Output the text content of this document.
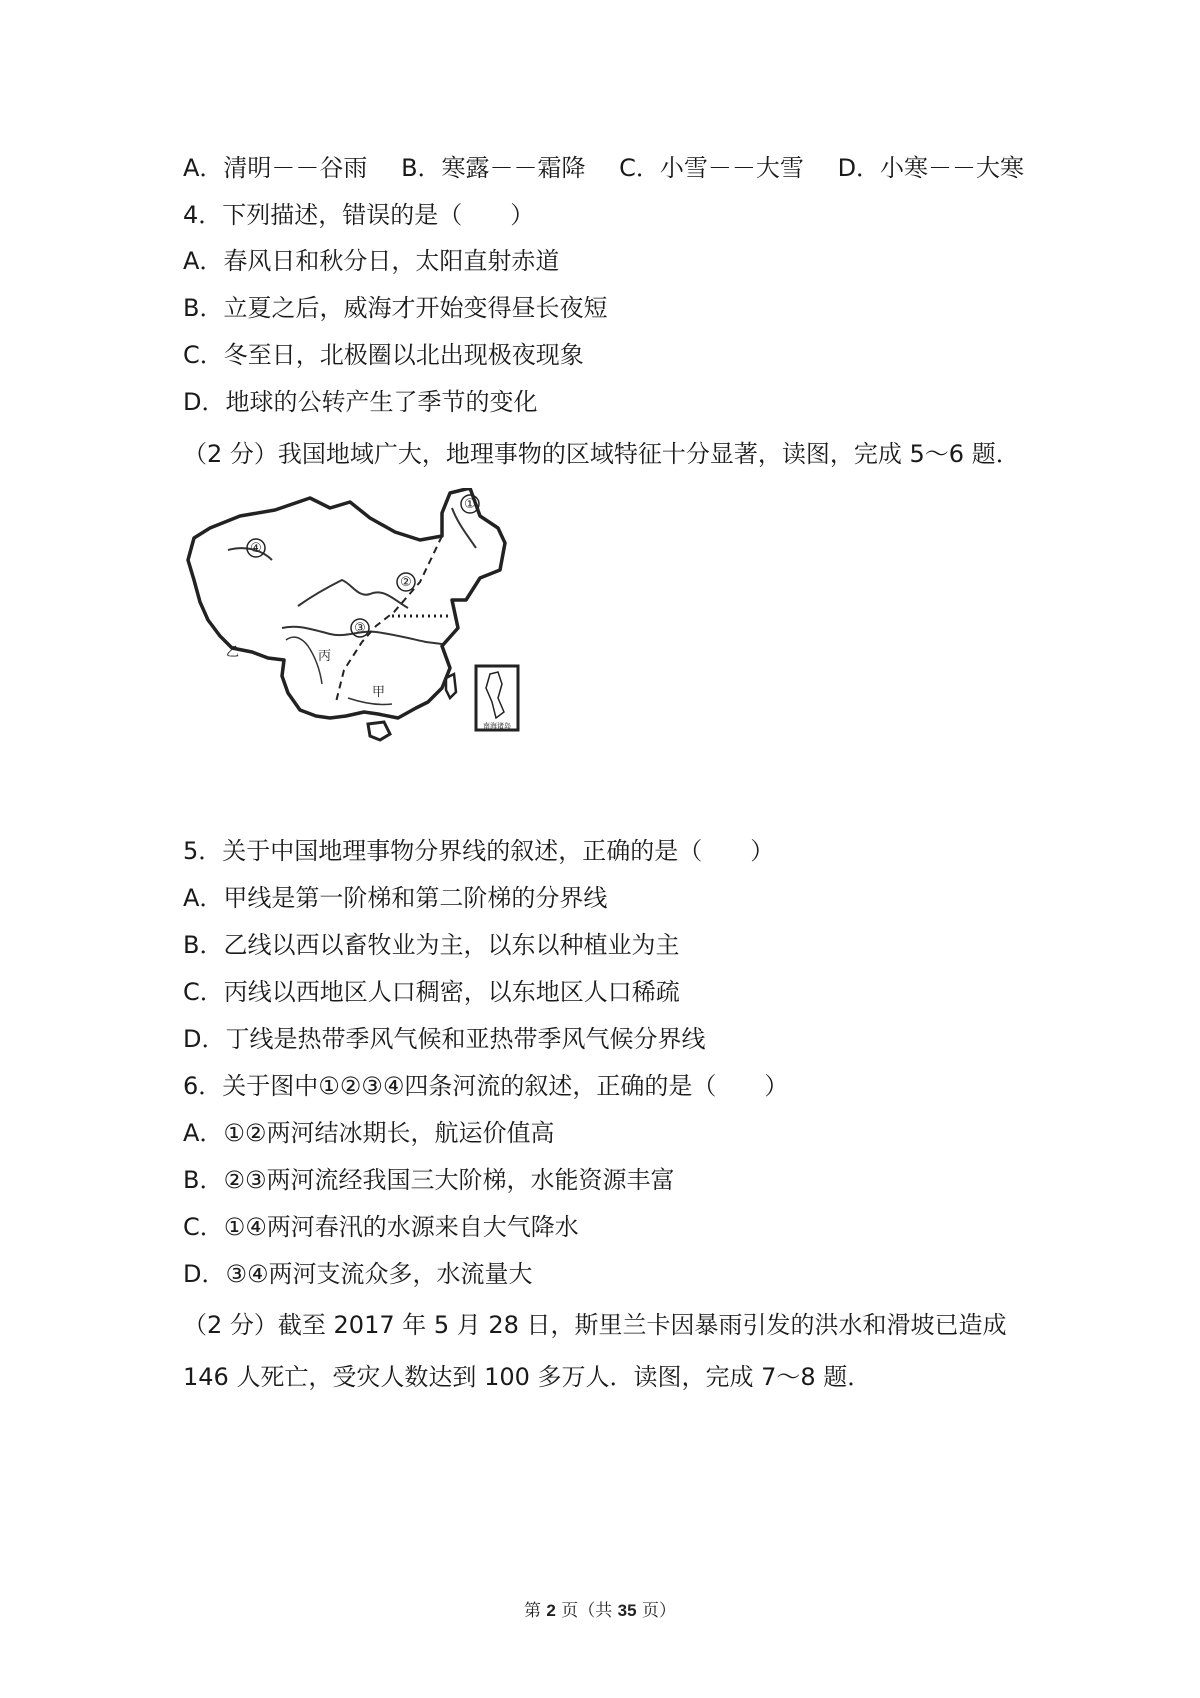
A．清明－－谷雨 B．寒露－－霜降 C．小雪－－大雪 D．小寒－－大寒
4．下列描述，错误的是（　　）
A．春风日和秋分日，太阳直射赤道
B．立夏之后，威海才开始变得昼长夜短
C．冬至日，北极圈以北出现极夜现象
D．地球的公转产生了季节的变化
（2 分）我国地域广大，地理事物的区域特征十分显著，读图，完成 5～6 题．
④
②
③
①
乙	丙
甲
南海诸岛
5．关于中国地理事物分界线的叙述，正确的是（　　）
A．甲线是第一阶梯和第二阶梯的分界线
B．乙线以西以畜牧业为主，以东以种植业为主
C．丙线以西地区人口稠密，以东地区人口稀疏
D．丁线是热带季风气候和亚热带季风气候分界线
6．关于图中①②③④四条河流的叙述，正确的是（　　）
A．①②两河结冰期长，航运价值高
B．②③两河流经我国三大阶梯，水能资源丰富
C．①④两河春汛的水源来自大气降水
D．③④两河支流众多，水流量大
（2 分）截至 2017 年 5 月 28 日，斯里兰卡因暴雨引发的洪水和滑坡已造成 146 人死亡，受灾人数达到 100 多万人．读图，完成 7～8 题．
第 2 页（共 35 页）
